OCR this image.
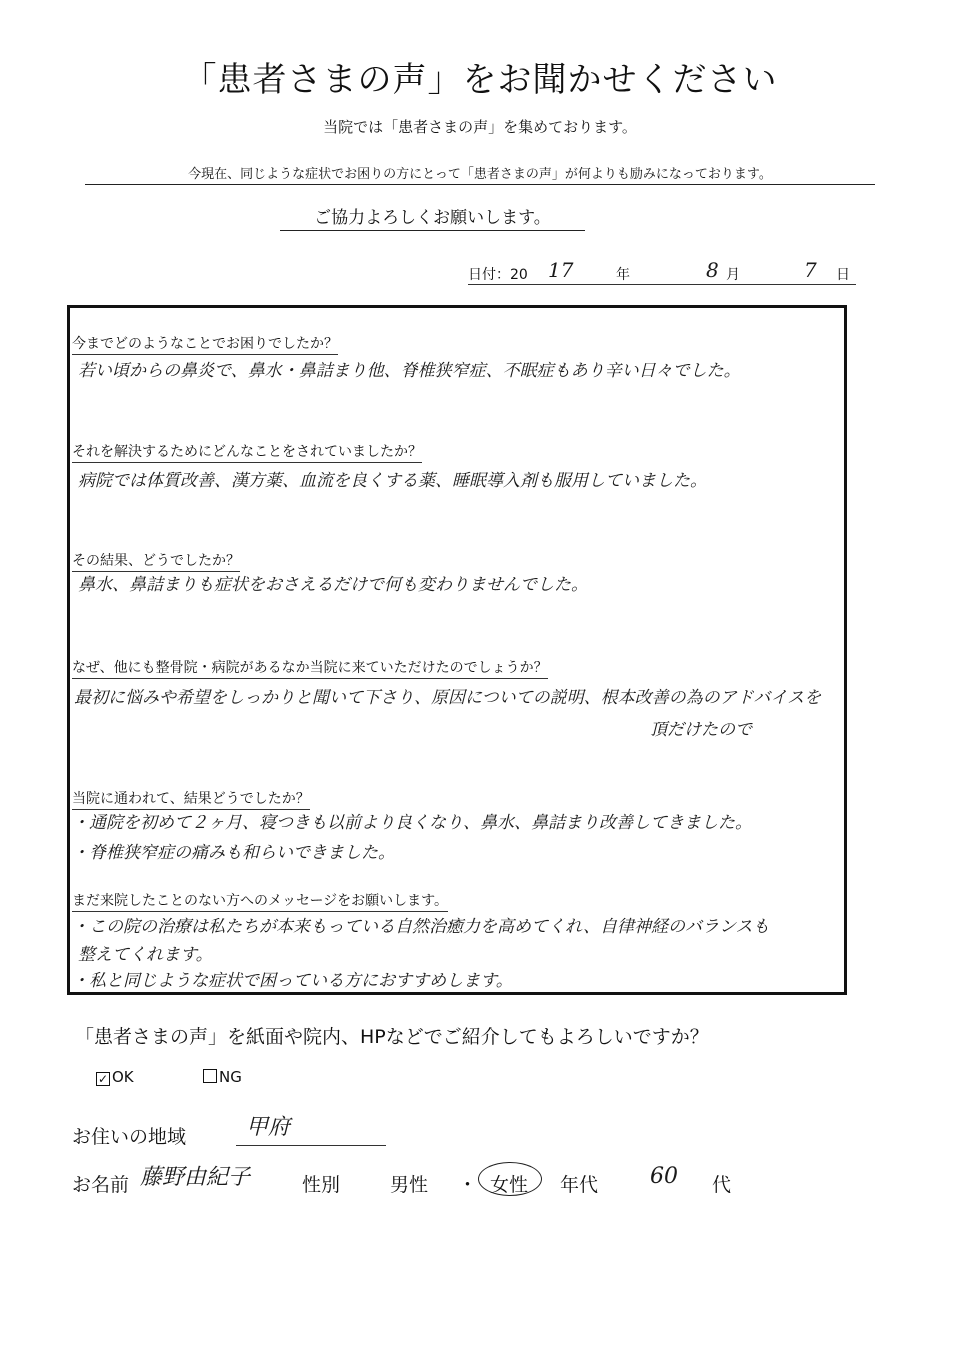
「患者さまの声」をお聞かせください
当院では「患者さまの声」を集めております。
今現在、同じような症状でお困りの方にとって「患者さまの声」が何よりも励みになっております。
ご協力よろしくお願いします。
日付：20 17	年	8 月	7 日
今までどのようなことでお困りでしたか？
若い頃からの鼻炎で、鼻水・鼻詰まり他、脊椎狭窄症、不眠症もあり辛い日々でした。
それを解決するためにどんなことをされていましたか？
病院では体質改善、漢方薬、血流を良くする薬、睡眠導入剤も服用していました。
その結果、どうでしたか？
鼻水、鼻詰まりも症状をおさえるだけで何も変わりませんでした。
なぜ、他にも整骨院・病院があるなか当院に来ていただけたのでしょうか？
最初に悩みや希望をしっかりと聞いて下さり、原因についての説明、根本改善の為のアドバイスを
頂だけたので
当院に通われて、結果どうでしたか？
・通院を初めて２ヶ月、寝つきも以前より良くなり、鼻水、鼻詰まり改善してきました。
・脊椎狭窄症の痛みも和らいできました。
まだ来院したことのない方へのメッセージをお願いします。
・この院の治療は私たちが本来もっている自然治癒力を高めてくれ、自律神経のバランスも
整えてくれます。
・私と同じような症状で困っている方におすすめします。
「患者さまの声」を紙面や院内、HPなどでご紹介してもよろしいですか？
✓ OK	NG
お住いの地域	甲府
お名前 藤野由紀子	性別	男性 ・ 女性 年代 60 代
